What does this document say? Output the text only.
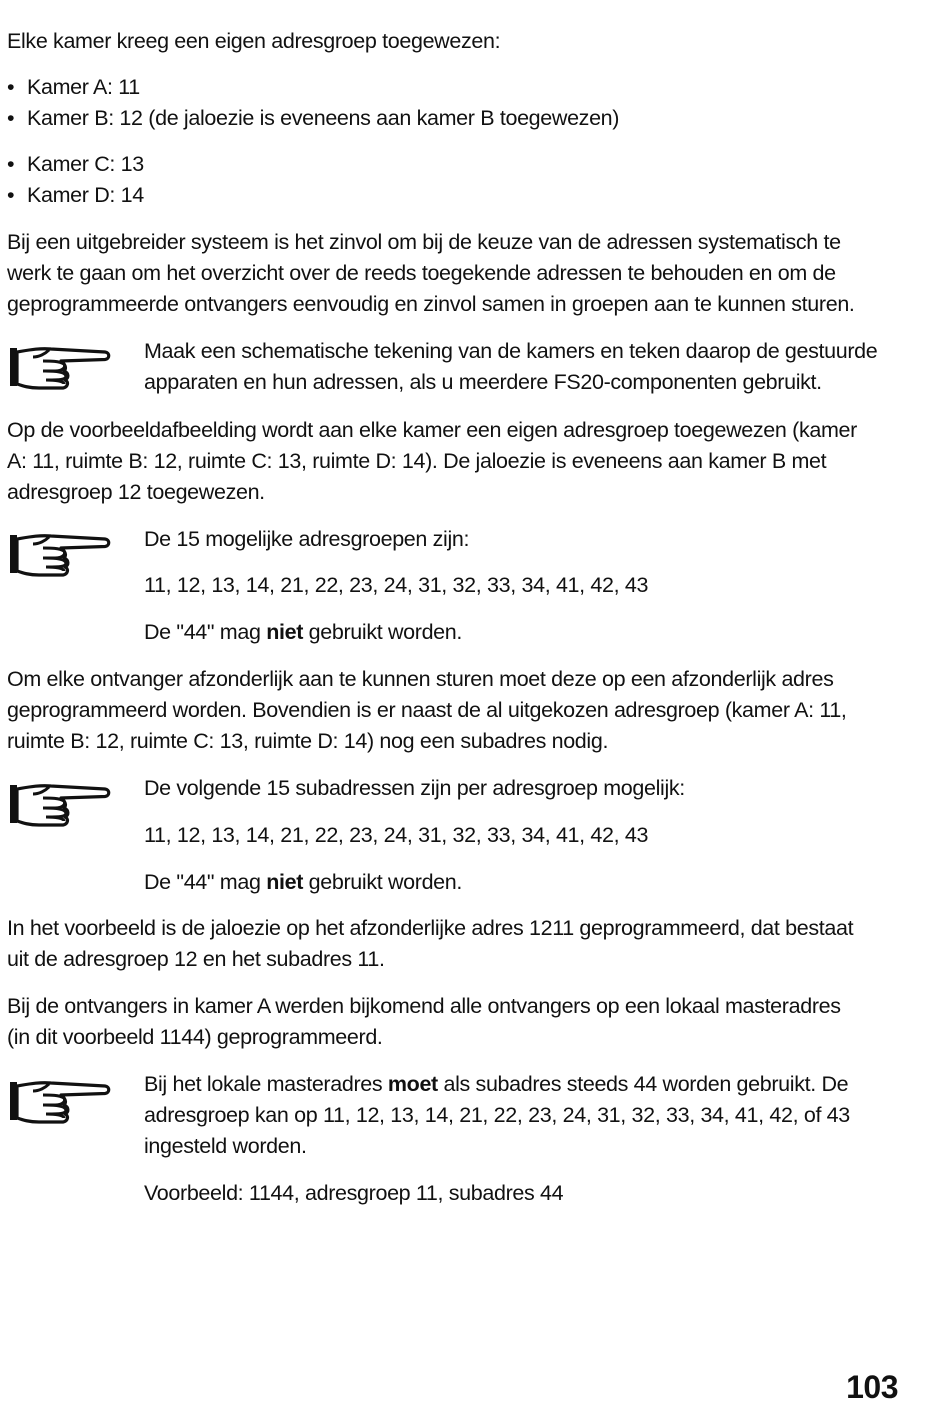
Elke kamer kreeg een eigen adresgroep toegewezen:
• Kamer A: 11
• Kamer B: 12 (de jaloezie is eveneens aan kamer B toegewezen)
• Kamer C: 13
• Kamer D: 14
Bij een uitgebreider systeem is het zinvol om bij de keuze van de adressen systematisch te
werk te gaan om het overzicht over de reeds toegekende adressen te behouden en om de
geprogrammeerde ontvangers eenvoudig en zinvol samen in groepen aan te kunnen sturen.
Maak een schematische tekening van de kamers en teken daarop de gestuurde
apparaten en hun adressen, als u meerdere FS20-componenten gebruikt.
Op de voorbeeldafbeelding wordt aan elke kamer een eigen adresgroep toegewezen (kamer
A: 11, ruimte B: 12, ruimte C: 13, ruimte D: 14). De jaloezie is eveneens aan kamer B met
adresgroep 12 toegewezen.
De 15 mogelijke adresgroepen zijn:
11, 12, 13, 14, 21, 22, 23, 24, 31, 32, 33, 34, 41, 42, 43
De "44" mag niet gebruikt worden.
Om elke ontvanger afzonderlijk aan te kunnen sturen moet deze op een afzonderlijk adres
geprogrammeerd worden. Bovendien is er naast de al uitgekozen adresgroep (kamer A: 11,
ruimte B: 12, ruimte C: 13, ruimte D: 14) nog een subadres nodig.
De volgende 15 subadressen zijn per adresgroep mogelijk:
11, 12, 13, 14, 21, 22, 23, 24, 31, 32, 33, 34, 41, 42, 43
De "44" mag niet gebruikt worden.
In het voorbeeld is de jaloezie op het afzonderlijke adres 1211 geprogrammeerd, dat bestaat
uit de adresgroep 12 en het subadres 11.
Bij de ontvangers in kamer A werden bijkomend alle ontvangers op een lokaal masteradres
(in dit voorbeeld 1144) geprogrammeerd.
Bij het lokale masteradres moet als subadres steeds 44 worden gebruikt. De
adresgroep kan op 11, 12, 13, 14, 21, 22, 23, 24, 31, 32, 33, 34, 41, 42, of 43
ingesteld worden.
Voorbeeld: 1144, adresgroep 11, subadres 44
103
